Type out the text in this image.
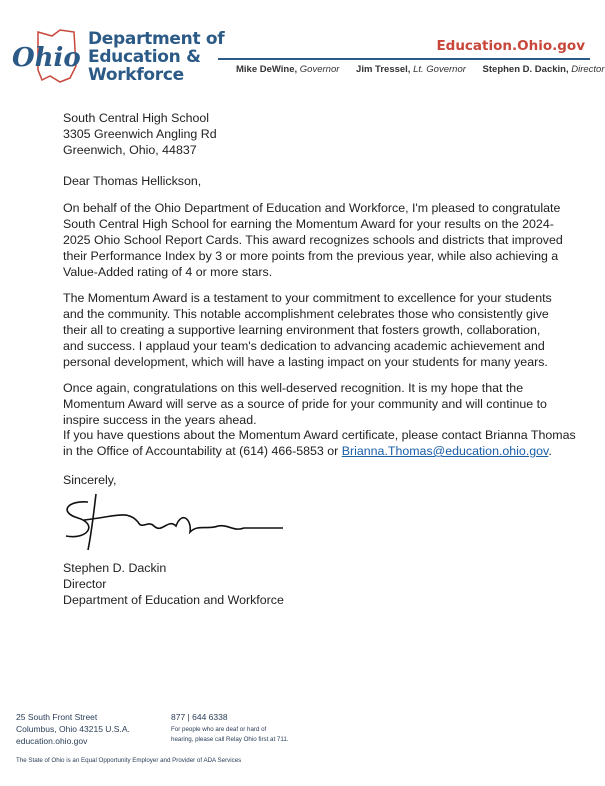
Ohio
Department of
Education &
Workforce
Education.Ohio.gov
Mike DeWine, Governor Jim Tressel, Lt. Governor Stephen D. Dackin, Director
South Central High School
3305 Greenwich Angling Rd
Greenwich, Ohio, 44837
Dear Thomas Hellickson,
On behalf of the Ohio Department of Education and Workforce, I'm pleased to congratulate
South Central High School for earning the Momentum Award for your results on the 2024-
2025 Ohio School Report Cards. This award recognizes schools and districts that improved
their Performance Index by 3 or more points from the previous year, while also achieving a
Value-Added rating of 4 or more stars.
The Momentum Award is a testament to your commitment to excellence for your students
and the community. This notable accomplishment celebrates those who consistently give
their all to creating a supportive learning environment that fosters growth, collaboration,
and success. I applaud your team's dedication to advancing academic achievement and
personal development, which will have a lasting impact on your students for many years.
Once again, congratulations on this well-deserved recognition. It is my hope that the
Momentum Award will serve as a source of pride for your community and will continue to
inspire success in the years ahead.
If you have questions about the Momentum Award certificate, please contact Brianna Thomas
in the Office of Accountability at (614) 466-5853 or Brianna.Thomas@education.ohio.gov.
Sincerely,
Stephen D. Dackin
Director
Department of Education and Workforce
25 South Front Street
Columbus, Ohio 43215 U.S.A.
education.ohio.gov
877 | 644 6338
For people who are deaf or hard of
hearing, please call Relay Ohio first at 711.
The State of Ohio is an Equal Opportunity Employer and Provider of ADA Services
